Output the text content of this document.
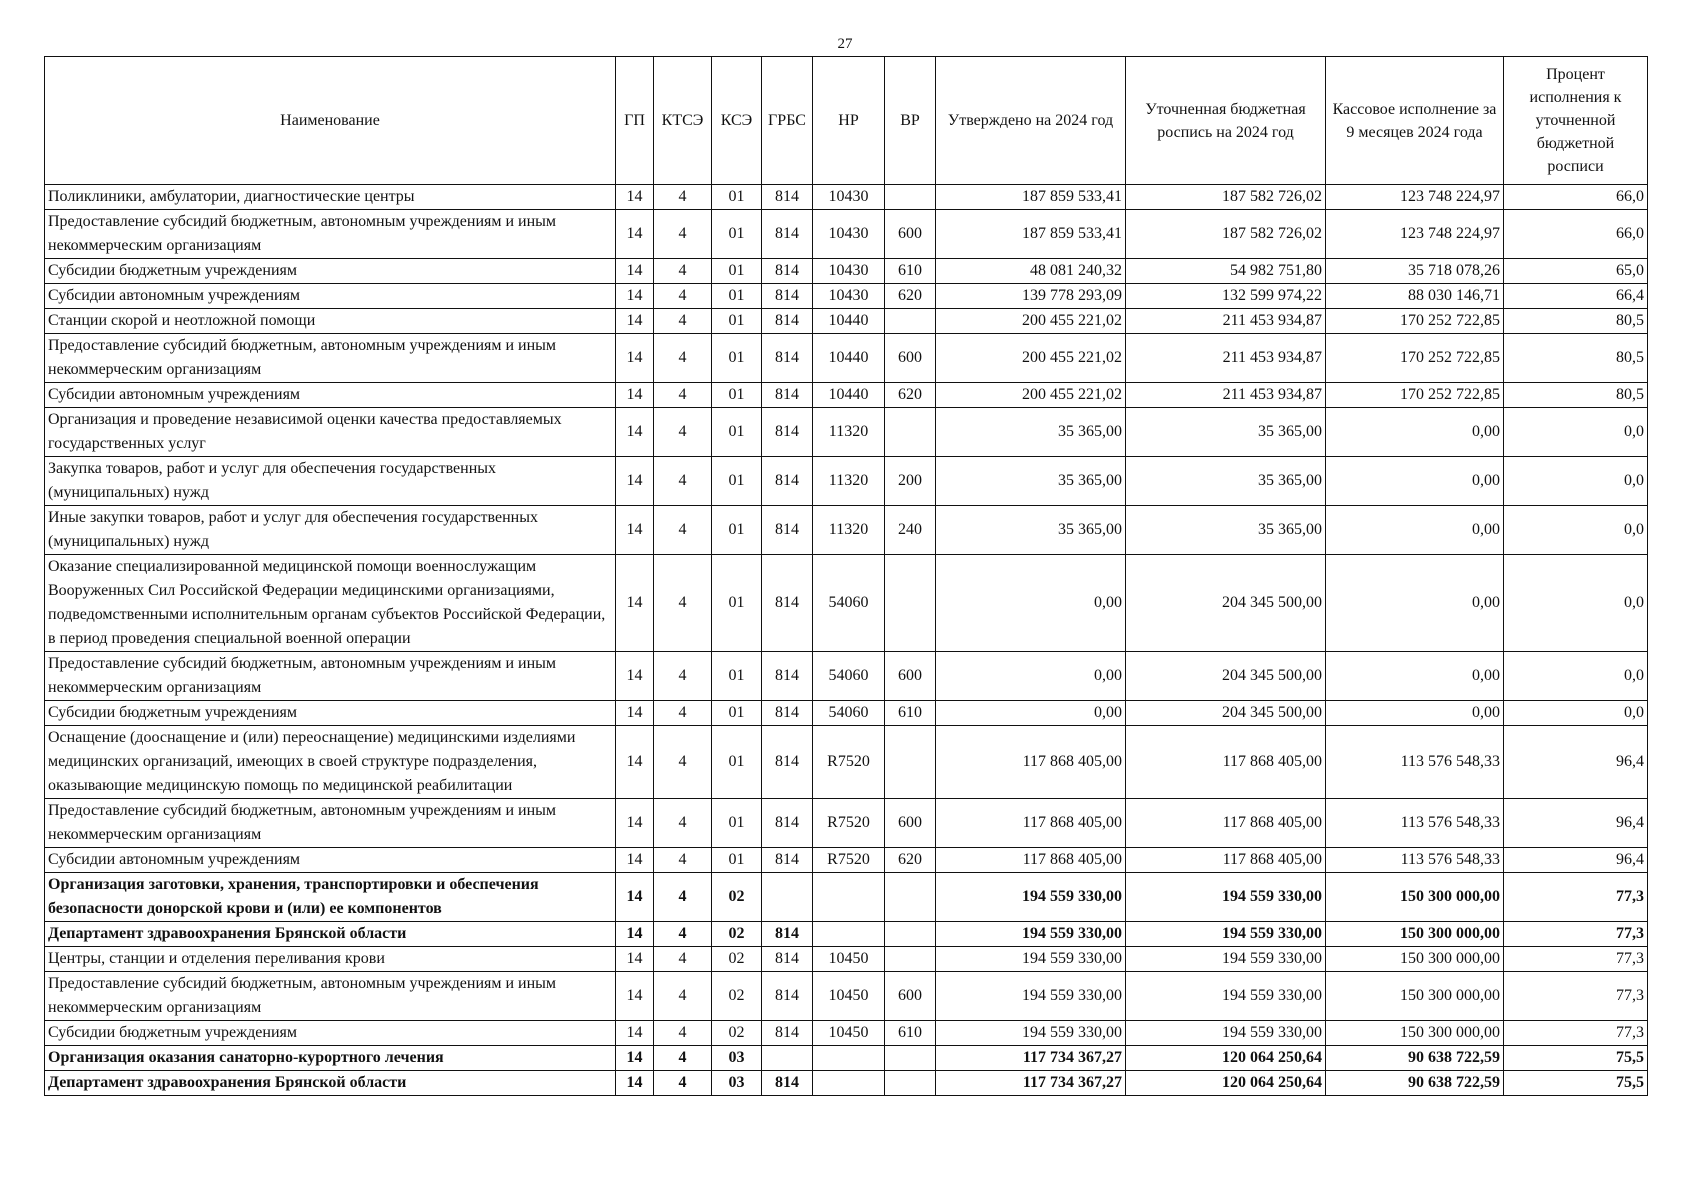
27
Наименование	ГП	КТСЭ	КСЭ	ГРБС	НР	ВР	Утверждено на 2024 год	Уточненная бюджетная роспись на 2024 год	Кассовое исполнение за 9 месяцев 2024 года	Процент исполнения к уточненной бюджетной росписи
Поликлиники, амбулатории, диагностические центры	14	4	01	814	10430		187 859 533,41	187 582 726,02	123 748 224,97	66,0
Предоставление субсидий бюджетным, автономным учреждениям и иным некоммерческим организациям	14	4	01	814	10430	600	187 859 533,41	187 582 726,02	123 748 224,97	66,0
Субсидии бюджетным учреждениям	14	4	01	814	10430	610	48 081 240,32	54 982 751,80	35 718 078,26	65,0
Субсидии автономным учреждениям	14	4	01	814	10430	620	139 778 293,09	132 599 974,22	88 030 146,71	66,4
Станции скорой и неотложной помощи	14	4	01	814	10440		200 455 221,02	211 453 934,87	170 252 722,85	80,5
Предоставление субсидий бюджетным, автономным учреждениям и иным некоммерческим организациям	14	4	01	814	10440	600	200 455 221,02	211 453 934,87	170 252 722,85	80,5
Субсидии автономным учреждениям	14	4	01	814	10440	620	200 455 221,02	211 453 934,87	170 252 722,85	80,5
Организация и проведение независимой оценки качества предоставляемых государственных услуг	14	4	01	814	11320		35 365,00	35 365,00	0,00	0,0
Закупка товаров, работ и услуг для обеспечения государственных (муниципальных) нужд	14	4	01	814	11320	200	35 365,00	35 365,00	0,00	0,0
Иные закупки товаров, работ и услуг для обеспечения государственных (муниципальных) нужд	14	4	01	814	11320	240	35 365,00	35 365,00	0,00	0,0
Оказание специализированной медицинской помощи военнослужащим Вооруженных Сил Российской Федерации медицинскими организациями, подведомственными исполнительным органам субъектов Российской Федерации, в период проведения специальной военной операции	14	4	01	814	54060		0,00	204 345 500,00	0,00	0,0
Предоставление субсидий бюджетным, автономным учреждениям и иным некоммерческим организациям	14	4	01	814	54060	600	0,00	204 345 500,00	0,00	0,0
Субсидии бюджетным учреждениям	14	4	01	814	54060	610	0,00	204 345 500,00	0,00	0,0
Оснащение (дооснащение и (или) переоснащение) медицинскими изделиями медицинских организаций, имеющих в своей структуре подразделения, оказывающие медицинскую помощь по медицинской реабилитации	14	4	01	814	R7520		117 868 405,00	117 868 405,00	113 576 548,33	96,4
Предоставление субсидий бюджетным, автономным учреждениям и иным некоммерческим организациям	14	4	01	814	R7520	600	117 868 405,00	117 868 405,00	113 576 548,33	96,4
Субсидии автономным учреждениям	14	4	01	814	R7520	620	117 868 405,00	117 868 405,00	113 576 548,33	96,4
Организация заготовки, хранения, транспортировки и обеспечения безопасности донорской крови и (или) ее компонентов	14	4	02				194 559 330,00	194 559 330,00	150 300 000,00	77,3
Департамент здравоохранения Брянской области	14	4	02	814			194 559 330,00	194 559 330,00	150 300 000,00	77,3
Центры, станции и отделения переливания крови	14	4	02	814	10450		194 559 330,00	194 559 330,00	150 300 000,00	77,3
Предоставление субсидий бюджетным, автономным учреждениям и иным некоммерческим организациям	14	4	02	814	10450	600	194 559 330,00	194 559 330,00	150 300 000,00	77,3
Субсидии бюджетным учреждениям	14	4	02	814	10450	610	194 559 330,00	194 559 330,00	150 300 000,00	77,3
Организация оказания санаторно-курортного лечения	14	4	03				117 734 367,27	120 064 250,64	90 638 722,59	75,5
Департамент здравоохранения Брянской области	14	4	03	814			117 734 367,27	120 064 250,64	90 638 722,59	75,5
